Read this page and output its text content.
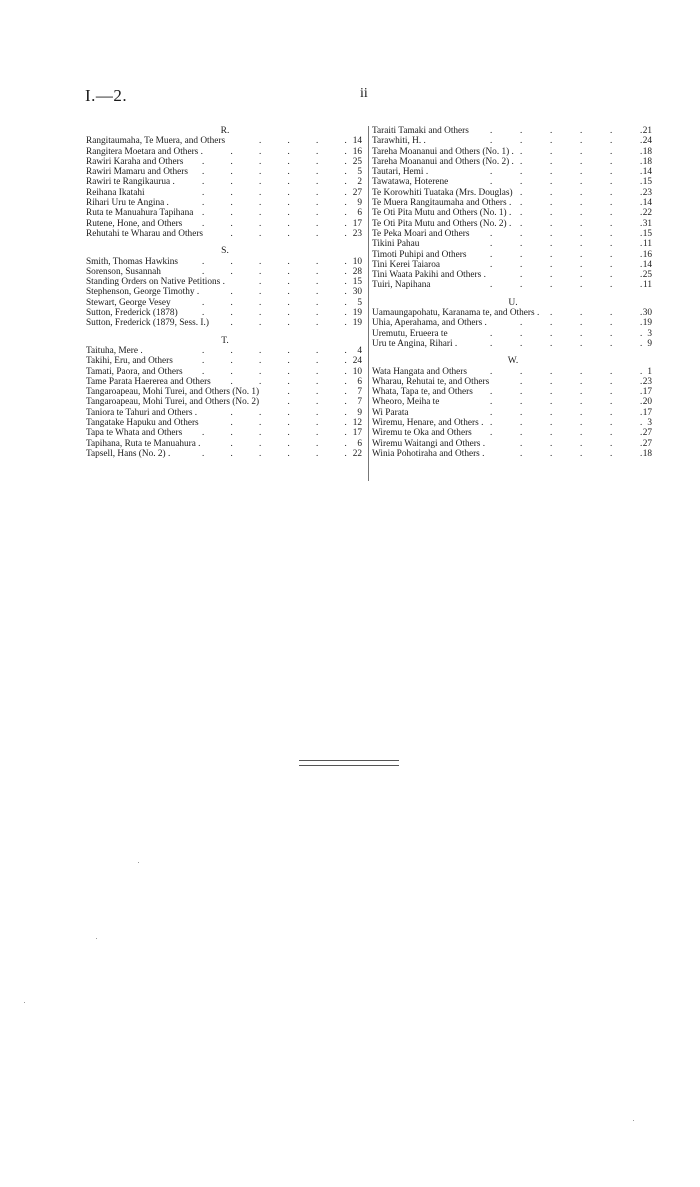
I.—2.	ii
R.
Rangitaumaha, Te Muera, and Others	14
.	.	.	.
Rangitera Moetara and Others .	16
.	.	.	.	.
Rawiri Karaha and Others	25
.	.	.	.	.	.
Rawiri Mamaru and Others	5
.	.	.	.	.	.
Rawiri te Rangikaurua .	2
.	.	.	.	.	.
Reihana Ikatahi	27
.	.	.	.	.	.
Rihari Uru te Angina .	9
.	.	.	.	.	.
Ruta te Manuahura Tapihana	6
.	.	.	.	.	.
Rutene, Hone, and Others	17
.	.	.	.	.	.
Rehutahi te Wharau and Others	23
.	.	.	.	.
S.
Smith, Thomas Hawkins	10
.	.	.	.	.	.
Sorenson, Susannah	28
.	.	.	.	.	.
Standing Orders on Native Petitions .	15
.	.	.	.
Stephenson, George Timothy .	30
.	.	.	.	.
Stewart, George Vesey	5
.	.	.	.	.	.
Sutton, Frederick (1878)	19
.	.	.	.	.	.
Sutton, Frederick (1879, Sess. I.)	19
.	.	.	.	.
T.
Taituha, Mere .	4
.	.	.	.	.	.
Takihi, Eru, and Others	24
.	.	.	.	.	.
Tamati, Paora, and Others	10
.	.	.	.	.	.
Tame Parata Haererea and Others	6
.	.	.	.	.
Tangaroapeau, Mohi Turei, and Others (No. 1)	7
.	.	.
Tangaroapeau, Mohi Turei, and Others (No. 2)	7
.	.	.
Taniora te Tahuri and Others .	9
.	.	.	.	.
Tangatake Hapuku and Others	12
.	.	.	.	.
Tapa te Whata and Others	17
.	.	.	.	.	.
Tapihana, Ruta te Manuahura .	6
.	.	.	.	.
Tapsell, Hans (No. 2) .	22
.	.	.	.	.	.
Taraiti Tamaki and Others	21
.	.	.	.	.	.
Tarawhiti, H. .	24
.	.	.	.	.	.
Tareha Moananui and Others (No. 1) .	18
.	.	.	.	.
Tareha Moananui and Others (No. 2) .	18
.	.	.	.	.
Tautari, Hemi .	14
.	.	.	.	.	.
Tawatawa, Hoterene	15
.	.	.	.	.	.
Te Korowhiti Tuataka (Mrs. Douglas)	23
.	.	.	.	.
Te Muera Rangitaumaha and Others .	14
.	.	.	.	.
Te Oti Pita Mutu and Others (No. 1) .	22
.	.	.	.	.
Te Oti Pita Mutu and Others (No. 2) .	31
.	.	.	.	.
Te Peka Moari and Others	15
.	.	.	.	.	.
Tikini Pahau	11
.	.	.	.	.	.
Timoti Puhipi and Others	16
.	.	.	.	.	.
Tini Kerei Taiaroa	14
.	.	.	.	.	.
Tini Waata Pakihi and Others .	25
.	.	.	.	.
Tuiri, Napihana	11
.	.	.	.	.	.
U.
Uamaungapohatu, Karanama te, and Others .	30
.	.	.	.
Uhia, Aperahama, and Others .	19
.	.	.	.	.
Uremutu, Erueera te	3
.	.	.	.	.	.
Uru te Angina, Rihari .	9
.	.	.	.	.	.
W.
Wata Hangata and Others	1
.	.	.	.	.	.
Wharau, Rehutai te, and Others	23
.	.	.	.	.
Whata, Tapa te, and Others	17
.	.	.	.	.	.
Wheoro, Meiha te	20
.	.	.	.	.	.
Wi Parata	17
.	.	.	.	.	.
Wiremu, Henare, and Others .	3
.	.	.	.	.	.
Wiremu te Oka and Others	27
.	.	.	.	.	.
Wiremu Waitangi and Others .	27
.	.	.	.	.
Winia Pohotiraha and Others .	18
.	.	.	.	.
